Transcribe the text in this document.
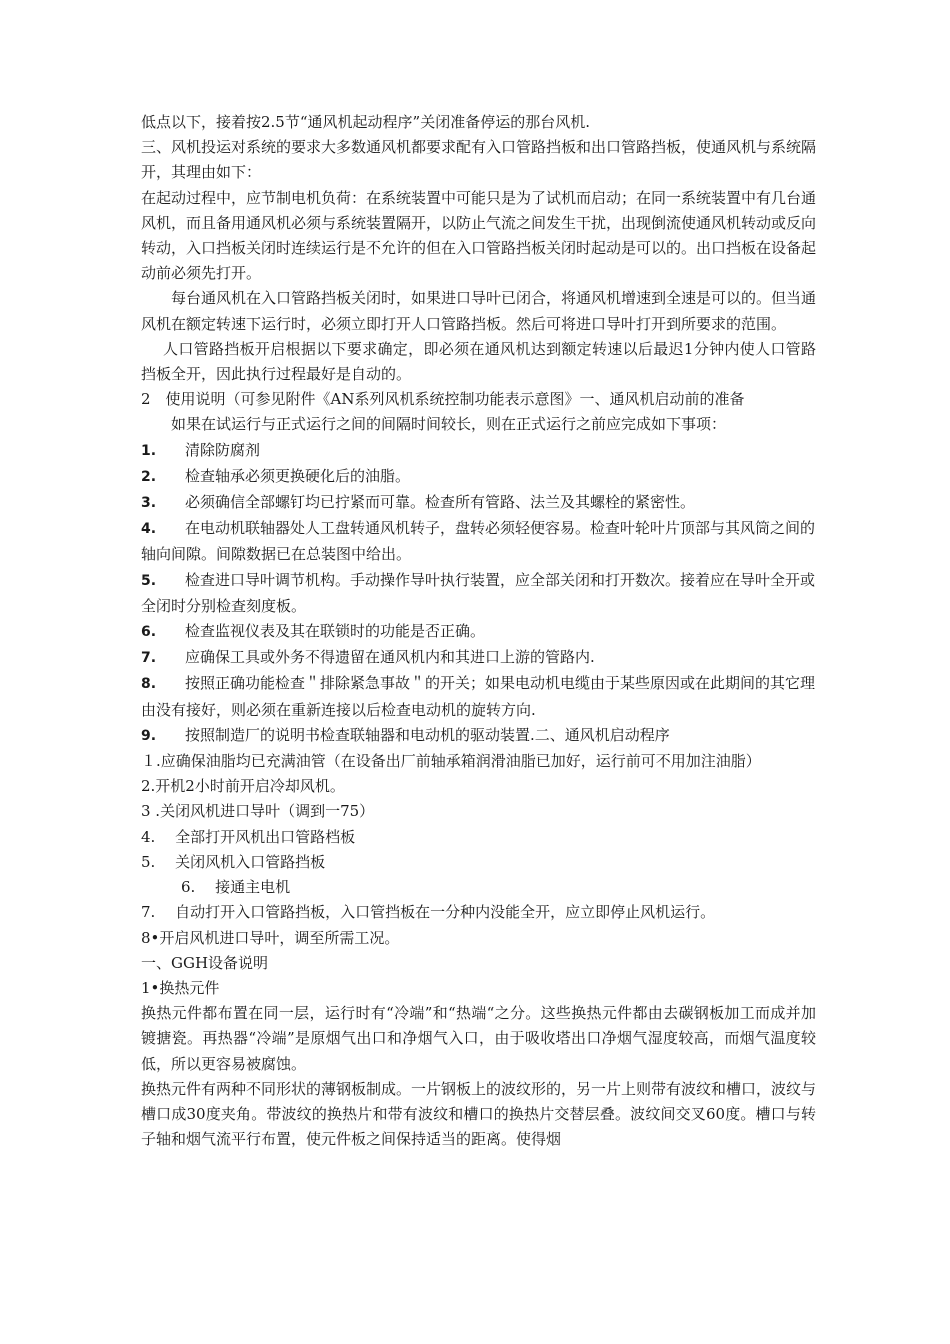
低点以下，接着按2.5节“通风机起动程序”关闭准备停运的那台风机.

三、风机投运对系统的要求大多数通风机都要求配有入口管路挡板和出口管路挡板，使通风机与系统隔开，其理由如下：

在起动过程中，应节制电机负荷：在系统装置中可能只是为了试机而启动；在同一系统装置中有几台通风机，而且备用通风机必须与系统装置隔开，以防止气流之间发生干扰，出现倒流使通风机转动或反向转动，入口挡板关闭时连续运行是不允许的但在入口管路挡板关闭时起动是可以的。出口挡板在设备起动前必须先打开。

每台通风机在入口管路挡板关闭时，如果进口导叶已闭合，将通风机增速到全速是可以的。但当通风机在额定转速下运行时，必须立即打开人口管路挡板。然后可将进口导叶打开到所要求的范围。

人口管路挡板开启根据以下要求确定，即必须在通风机达到额定转速以后最迟1分钟内使人口管路挡板全开，因此执行过程最好是自动的。

2　使用说明（可参见附件《AN系列风机系统控制功能表示意图》一、通风机启动前的准备

如果在试运行与正式运行之间的间隔时间较长，则在正式运行之前应完成如下事项：

1. 清除防腐剂

2. 检查轴承必须更换硬化后的油脂。

3. 必须确信全部螺钉均已拧紧而可靠。检查所有管路、法兰及其螺栓的紧密性。

4. 在电动机联轴器处人工盘转通风机转子，盘转必须轻便容易。检查叶轮叶片顶部与其风筒之间的轴向间隙。间隙数据已在总装图中给出。

5. 检查进口导叶调节机构。手动操作导叶执行装置，应全部关闭和打开数次。接着应在导叶全开或全闭时分别检查刻度板。

6. 检查监视仪表及其在联锁时的功能是否正确。

7. 应确保工具或外务不得遗留在通风机内和其进口上游的管路内.

8. 按照正确功能检查＂排除紧急事故＂的开关；如果电动机电缆由于某些原因或在此期间的其它理由没有接好，则必须在重新连接以后检查电动机的旋转方向.

9. 按照制造厂的说明书检查联轴器和电动机的驱动装置.二、通风机启动程序

１.应确保油脂均已充满油管（在设备出厂前轴承箱润滑油脂已加好，运行前可不用加注油脂）

2.开机2小时前开启冷却风机。

3 .关闭风机进口导叶（调到一75）

4.　 全部打开风机出口管路档板

5.　 关闭风机入口管路挡板

6.　 接通主电机

7.　 自动打开入口管路挡板，入口管挡板在一分种内没能全开，应立即停止风机运行。

8•开启风机进口导叶，调至所需工况。

一、GGH设备说明

1•换热元件

换热元件都布置在同一层，运行时有“冷端”和“热端“之分。这些换热元件都由去碳钢板加工而成并加镀搪瓷。再热器“冷端”是原烟气出口和净烟气入口，由于吸收塔出口净烟气湿度较高，而烟气温度较低，所以更容易被腐蚀。

换热元件有两种不同形状的薄钢板制成。一片钢板上的波纹形的，另一片上则带有波纹和槽口，波纹与槽口成30度夹角。带波纹的换热片和带有波纹和槽口的换热片交替层叠。波纹间交叉60度。槽口与转子轴和烟气流平行布置，使元件板之间保持适当的距离。使得烟
